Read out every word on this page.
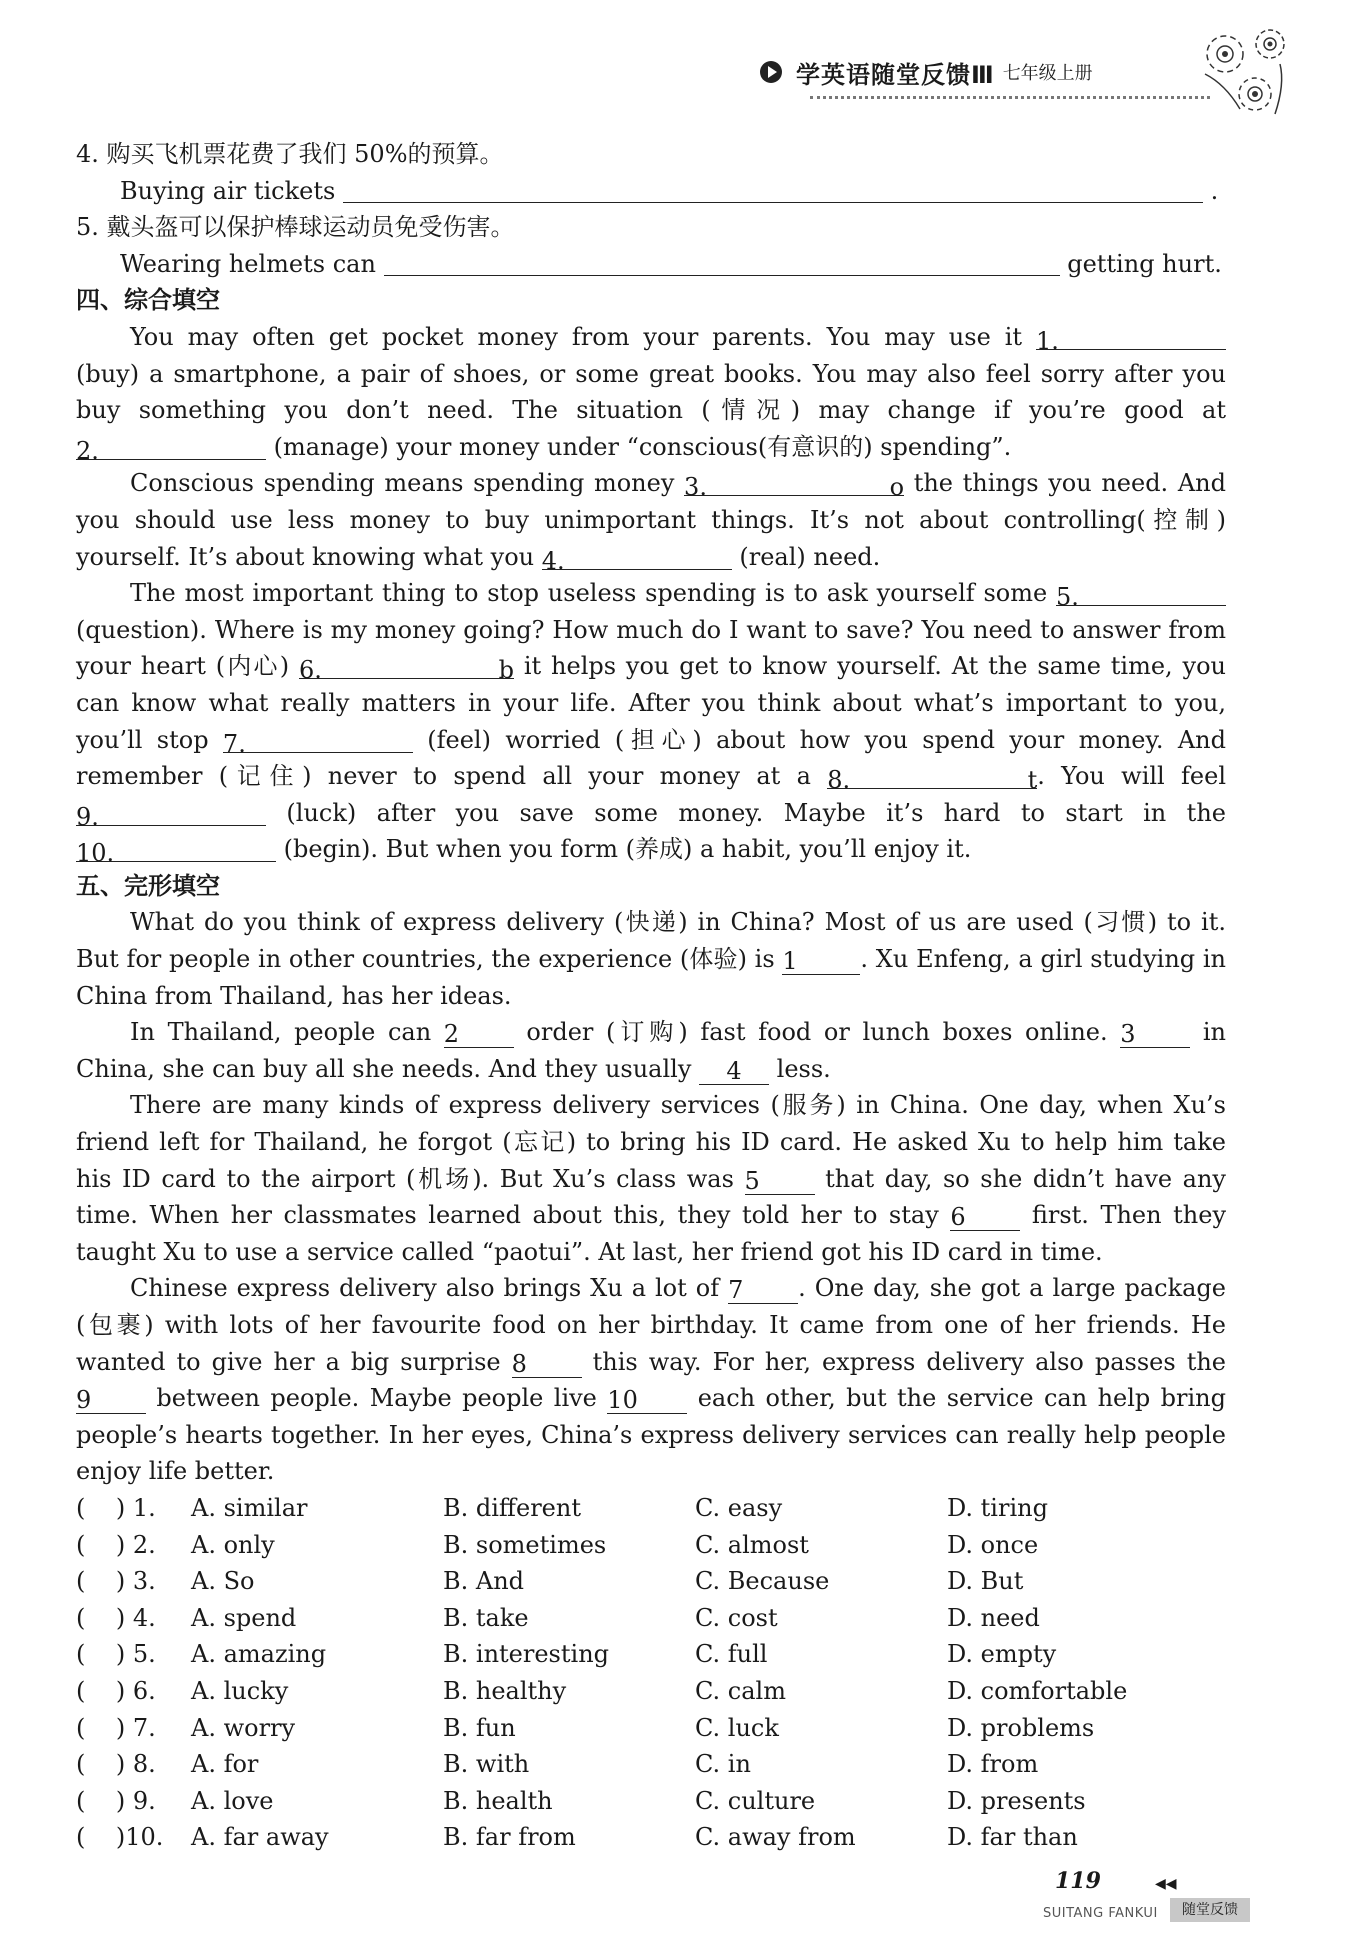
学英语随堂反馈Ⅲ 七年级上册
4. 购买飞机票花费了我们 50%的预算。
Buying air tickets	.
5. 戴头盔可以保护棒球运动员免受伤害。
Wearing helmets can	getting hurt.
四、综合填空
You may often get pocket money from your parents. You may use it 1.
(buy) a smartphone, a pair of shoes, or some great books. You may also feel sorry after you
buy something you don’t need. The situation (情况) may change if you’re good at
2.	(manage) your money under “conscious(有意识的) spending”.
Conscious spending means spending money 3. o the things you need. And
you should use less money to buy unimportant things. It’s not about controlling(控制)
yourself. It’s about knowing what you 4.	(real) need.
The most important thing to stop useless spending is to ask yourself some 5.
(question). Where is my money going? How much do I want to save? You need to answer from
your heart (内心) 6. b it helps you get to know yourself. At the same time, you
can know what really matters in your life. After you think about what’s important to you,
you’ll stop 7.	(feel) worried (担心) about how you spend your money. And
remember (记住) never to spend all your money at a 8. t. You will feel
9.	(luck) after you save some money. Maybe it’s hard to start in the
10.	(begin). But when you form (养成) a habit, you’ll enjoy it.
五、完形填空
What do you think of express delivery (快递) in China? Most of us are used (习惯) to it.
But for people in other countries, the experience (体验) is 1	. Xu Enfeng, a girl studying in
China from Thailand, has her ideas.
In Thailand, people can 2 order (订购) fast food or lunch boxes online. 3 in
China, she can buy all she needs. And they usually 4 less.
There are many kinds of express delivery services (服务) in China. One day, when Xu’s
friend left for Thailand, he forgot (忘记) to bring his ID card. He asked Xu to help him take
his ID card to the airport (机场). But Xu’s class was 5 that day, so she didn’t have any
time. When her classmates learned about this, they told her to stay 6 first. Then they
taught Xu to use a service called “paotui”. At last, her friend got his ID card in time.
Chinese express delivery also brings Xu a lot of 7 . One day, she got a large package
(包裹) with lots of her favourite food on her birthday. It came from one of her friends. He
wanted to give her a big surprise 8 this way. For her, express delivery also passes the
9 between people. Maybe people live 10 each other, but the service can help bring
people’s hearts together. In her eyes, China’s express delivery services can really help people
enjoy life better.
(    ) 1.	A. similar	B. different	C. easy	D. tiring
(    ) 2.	A. only	B. sometimes	C. almost	D. once
(    ) 3.	A. So	B. And	C. Because	D. But
(    ) 4.	A. spend	B. take	C. cost	D. need
(    ) 5.	A. amazing	B. interesting	C. full	D. empty
(    ) 6.	A. lucky	B. healthy	C. calm	D. comfortable
(    ) 7.	A. worry	B. fun	C. luck	D. problems
(    ) 8.	A. for	B. with	C. in	D. from
(    ) 9.	A. love	B. health	C. culture	D. presents
(    )10.	A. far away	B. far from	C. away from	D. far than
119	◀◀
SUITANG FANKUI	随堂反馈
